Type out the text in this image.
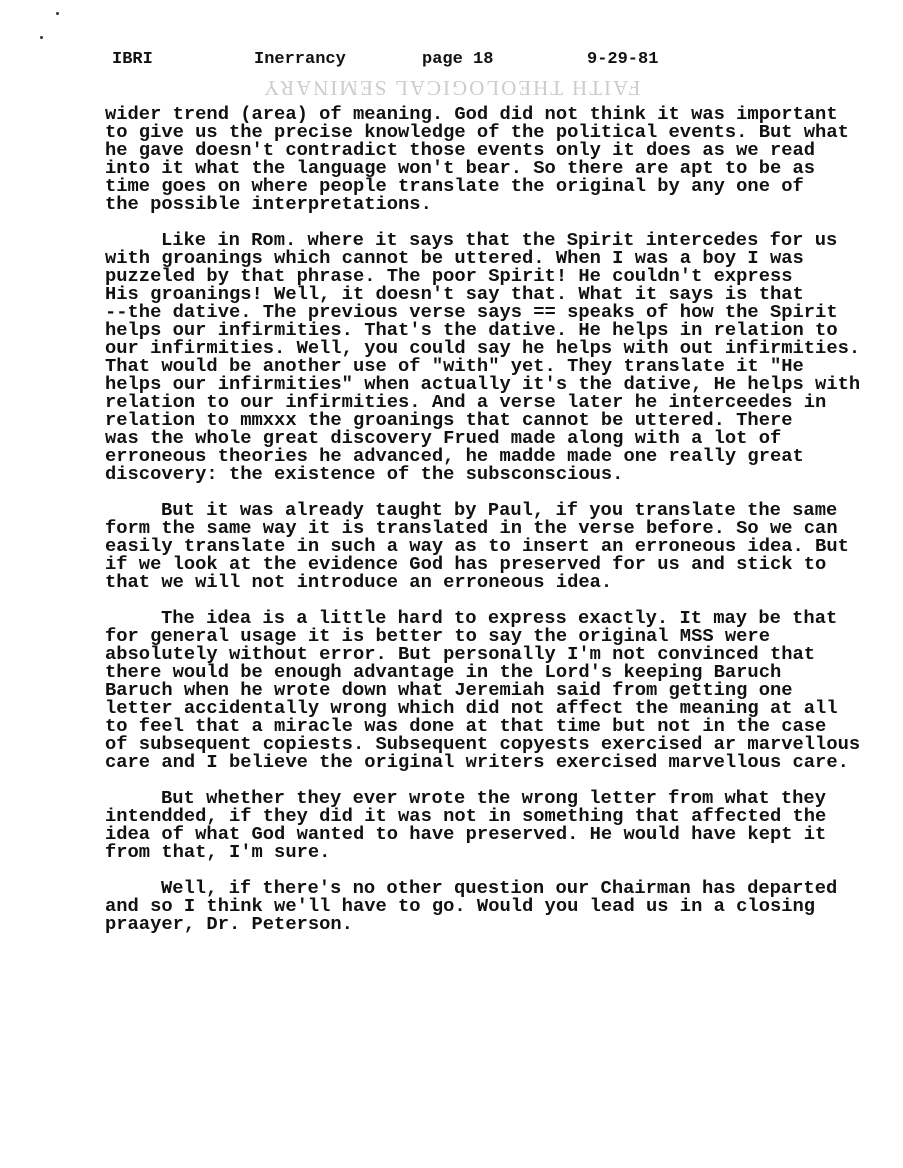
IBRI	Inerrancy	page 18	9-29-81
FAITH THEOLOGICAL SEMINARY
wider trend (area) of meaning. God did not think it was important
to give us the precise knowledge of the political events. But what
he gave doesn't contradict those events only it does as we read
into it what the language won't bear. So there are apt to be as
time goes on where people translate the original by any one of
the possible interpretations.
Like in Rom. where it says that the Spirit intercedes for us
with groanings which cannot be uttered. When I was a boy I was
puzzeled by that phrase. The poor Spirit! He couldn't express
His groanings! Well, it doesn't say that. What it says is that
--the dative. The previous verse says == speaks of how the Spirit
helps our infirmities. That's the dative. He helps in relation to
our infirmities. Well, you could say he helps with out infirmities.
That would be another use of "with" yet. They translate it "He
helps our infirmities" when actually it's the dative, He helps with
relation to our infirmities. And a verse later he interceedes in
relation to mmxxx the groanings that cannot be uttered. There
was the whole great discovery Frued made along with a lot of
erroneous theories he advanced, he madde made one really great
discovery: the existence of the subsconscious.
But it was already taught by Paul, if you translate the same
form the same way it is translated in the verse before. So we can
easily translate in such a way as to insert an erroneous idea. But
if we look at the evidence God has preserved for us and stick to
that we will not introduce an erroneous idea.
The idea is a little hard to express exactly. It may be that
for general usage it is better to say the original MSS were
absolutely without error. But personally I'm not convinced that
there would be enough advantage in the Lord's keeping Baruch
Baruch when he wrote down what Jeremiah said from getting one
letter accidentally wrong which did not affect the meaning at all
to feel that a miracle was done at that time but not in the case
of subsequent copiests. Subsequent copyests exercised ar marvellous
care and I believe the original writers exercised marvellous care.
But whether they ever wrote the wrong letter from what they
intendded, if they did it was not in something that affected the
idea of what God wanted to have preserved. He would have kept it
from that, I'm sure.
Well, if there's no other question our Chairman has departed
and so I think we'll have to go. Would you lead us in a closing
praayer, Dr. Peterson.
